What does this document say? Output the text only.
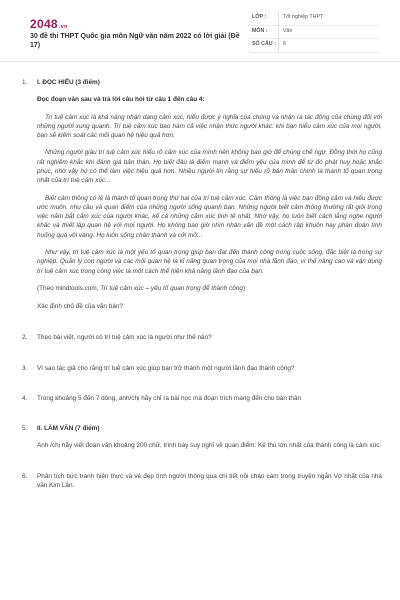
2048.vn
30 đề thi THPT Quốc gia môn Ngữ văn năm 2022 có lời giải (Đề 17)
LỚP :	Tốt nghiệp THPT
MÔN :	Văn
SỐ CÂU :	6
1.	I. ĐỌC HIỂU (3 điểm)
Đọc đoạn văn sau và trả lời câu hỏi từ câu 1 đến câu 4:
Trí tuệ cảm xúc là khả năng nhận dạng cảm xúc, hiểu được ý nghĩa của chúng và nhận ra tác động của chúng đối với những người xung quanh. Trí tuệ cảm xúc bao hàm cả việc nhận thức người khác: khi bạn hiểu cảm xúc của mọi người, bạn sẽ kiểm soát các mối quan hệ hiệu quả hơn.
Những người giàu trí tuệ cảm xúc hiểu rõ cảm xúc của mình nên không bao giờ để chúng chế ngự. Đồng thời họ cũng rất nghiêm khắc khi đánh giá bản thân. Họ biết đâu là điểm mạnh và điểm yếu của mình để từ đó phát huy hoặc khắc phục, nhờ vậy họ có thể làm việc hiệu quả hơn. Nhiều người tin rằng sự hiểu rõ bản thân chính là thành tố quan trọng nhất của trí tuệ cảm xúc...
Biết cảm thông có lẽ là thành tố quan trọng thứ hai của trí tuệ cảm xúc. Cảm thông là việc bạn đồng cảm và hiểu được ước muốn, nhu cầu và quan điểm của những người sống quanh bạn. Những người biết cảm thông thường rất giỏi trong việc nắm bắt cảm xúc của người khác, kể cả những cảm xúc tinh tế nhất. Nhờ vậy, họ luôn biết cách lắng nghe người khác và thiết lập quan hệ với mọi người. Họ không bao giờ nhìn nhận vấn đề một cách rập khuôn hay phán đoán tình huống quá vội vàng. Họ luôn sống chân thành và cởi mở...
Như vậy, trí tuệ cảm xúc là một yếu tố quan trọng giúp bạn đạt đến thành công trong cuộc sống, đặc biệt là trong sự nghiệp. Quản lý con người và các mối quan hệ là kĩ năng quan trọng của mọi nhà lãnh đạo, vì thế nâng cao và vận dụng trí tuệ cảm xúc trong công việc là một cách thể hiện khả năng lãnh đạo của bạn.
(Theo mindtools.com, Trí tuệ cảm xúc – yếu tố quan trọng để thành công)
Xác định chủ đề của văn bản?
2.	Theo bài viết, người có trí tuệ cảm xúc là người như thế nào?
3.	Vì sao tác giả cho rằng trí tuệ cảm xúc giúp bạn trở thành một người lãnh đạo thành công?
4.	Trong khoảng 5 đến 7 dòng, anh/chị hãy chỉ ra bài học mà đoạn trích mang đến cho bản thân
5.	II. LÀM VĂN (7 điểm)
Anh /chị hãy viết đoạn văn khoảng 200 chữ, trình bày suy nghĩ về quan điểm: Kẻ thù lớn nhất của thành công là cảm xúc.
6.	Phân tích bức tranh hiện thực và vẻ đẹp tình người thông qua chi tiết nồi cháo cám trong truyện ngắn Vợ nhặt của nhà văn Kim Lân.
